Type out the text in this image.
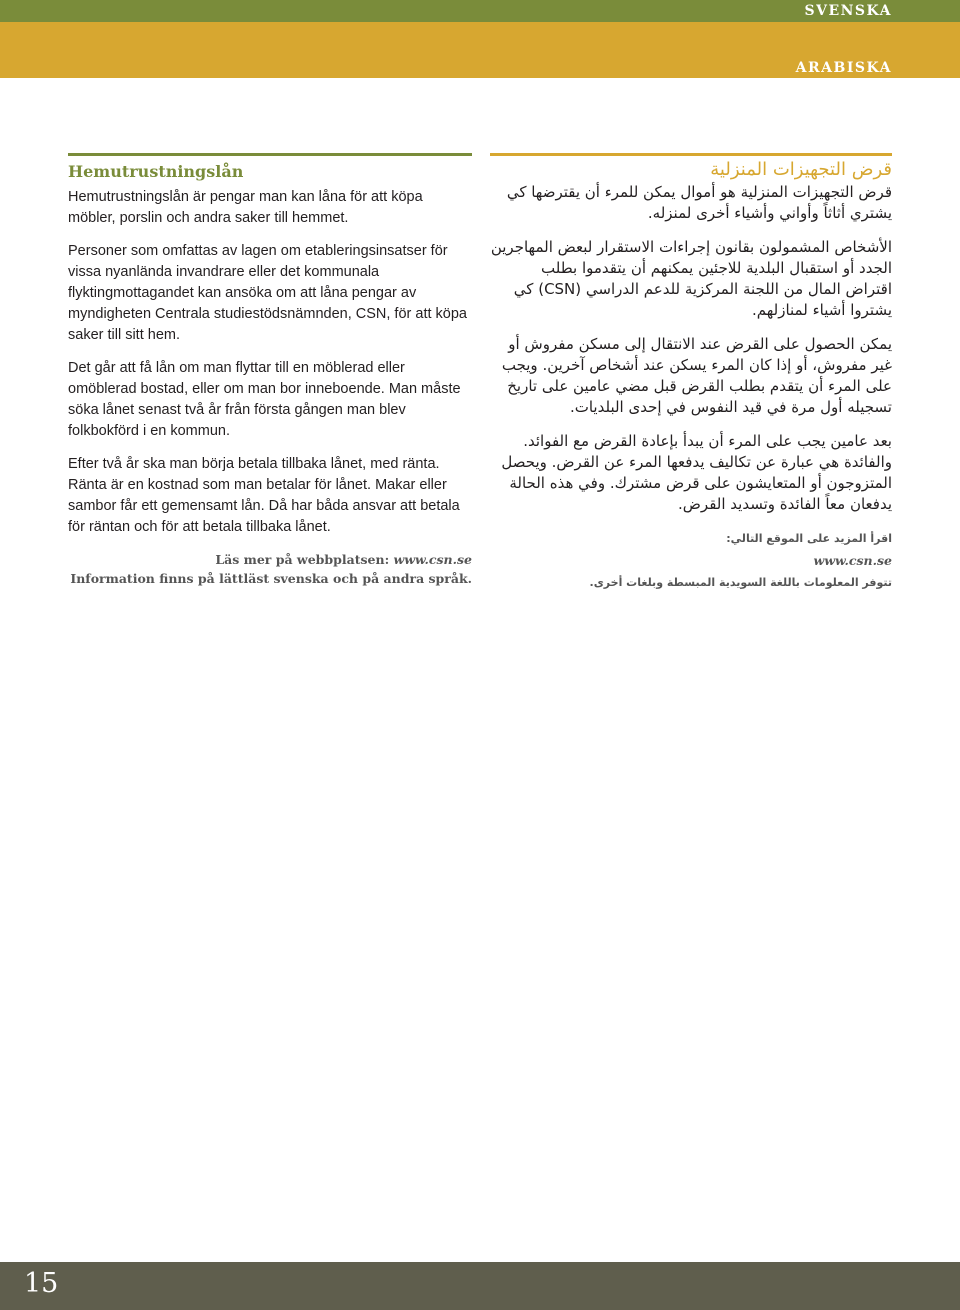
SVENSKA
ARABISKA
Hemutrustningslån

Hemutrustningslån är pengar man kan låna för att köpa möbler, porslin och andra saker till hemmet.

Personer som omfattas av lagen om etableringsinsatser för vissa nyanlända invandrare eller det kommunala flyktingmottagandet kan ansöka om att låna pengar av myndigheten Centrala studiestödsnämnden, CSN, för att köpa saker till sitt hem.

Det går att få lån om man flyttar till en möblerad eller omöblerad bostad, eller om man bor inneboende. Man måste söka lånet senast två år från första gången man blev folkbokförd i en kommun.

Efter två år ska man börja betala tillbaka lånet, med ränta. Ränta är en kostnad som man betalar för lånet. Makar eller sambor får ett gemensamt lån. Då har båda ansvar att betala för räntan och för att betala tillbaka lånet.

Läs mer på webbplatsen: www.csn.se
Information finns på lättläst svenska och på andra språk.
قرض التجهيزات المنزلية

قرض التجهيزات المنزلية هو أموال يمكن للمرء أن يقترضها كي يشتري أثاثاً وأواني وأشياء أخرى لمنزله.

الأشخاص المشمولون بقانون إجراءات الاستقرار لبعض المهاجرين الجدد أو استقبال البلدية للاجئين يمكنهم أن يتقدموا بطلب اقتراض المال من اللجنة المركزية للدعم الدراسي (CSN) كي يشتروا أشياء لمنازلهم.

يمكن الحصول على القرض عند الانتقال إلى مسكن مفروش أو غير مفروش، أو إذا كان المرء يسكن عند أشخاص آخرين. ويجب على المرء أن يتقدم بطلب القرض قبل مضي عامين على تاريخ تسجيله أول مرة في قيد النفوس في إحدى البلديات.

بعد عامين يجب على المرء أن يبدأ بإعادة القرض مع الفوائد. والفائدة هي عبارة عن تكاليف يدفعها المرء عن القرض. ويحصل المتزوجون أو المتعايشون على قرض مشترك. وفي هذه الحالة يدفعان معاً الفائدة وتسديد القرض.

اقرأ المزيد على الموقع التالي:
www.csn.se
تتوفر المعلومات باللغة السويدية المبسطة وبلغات أخرى.
15
